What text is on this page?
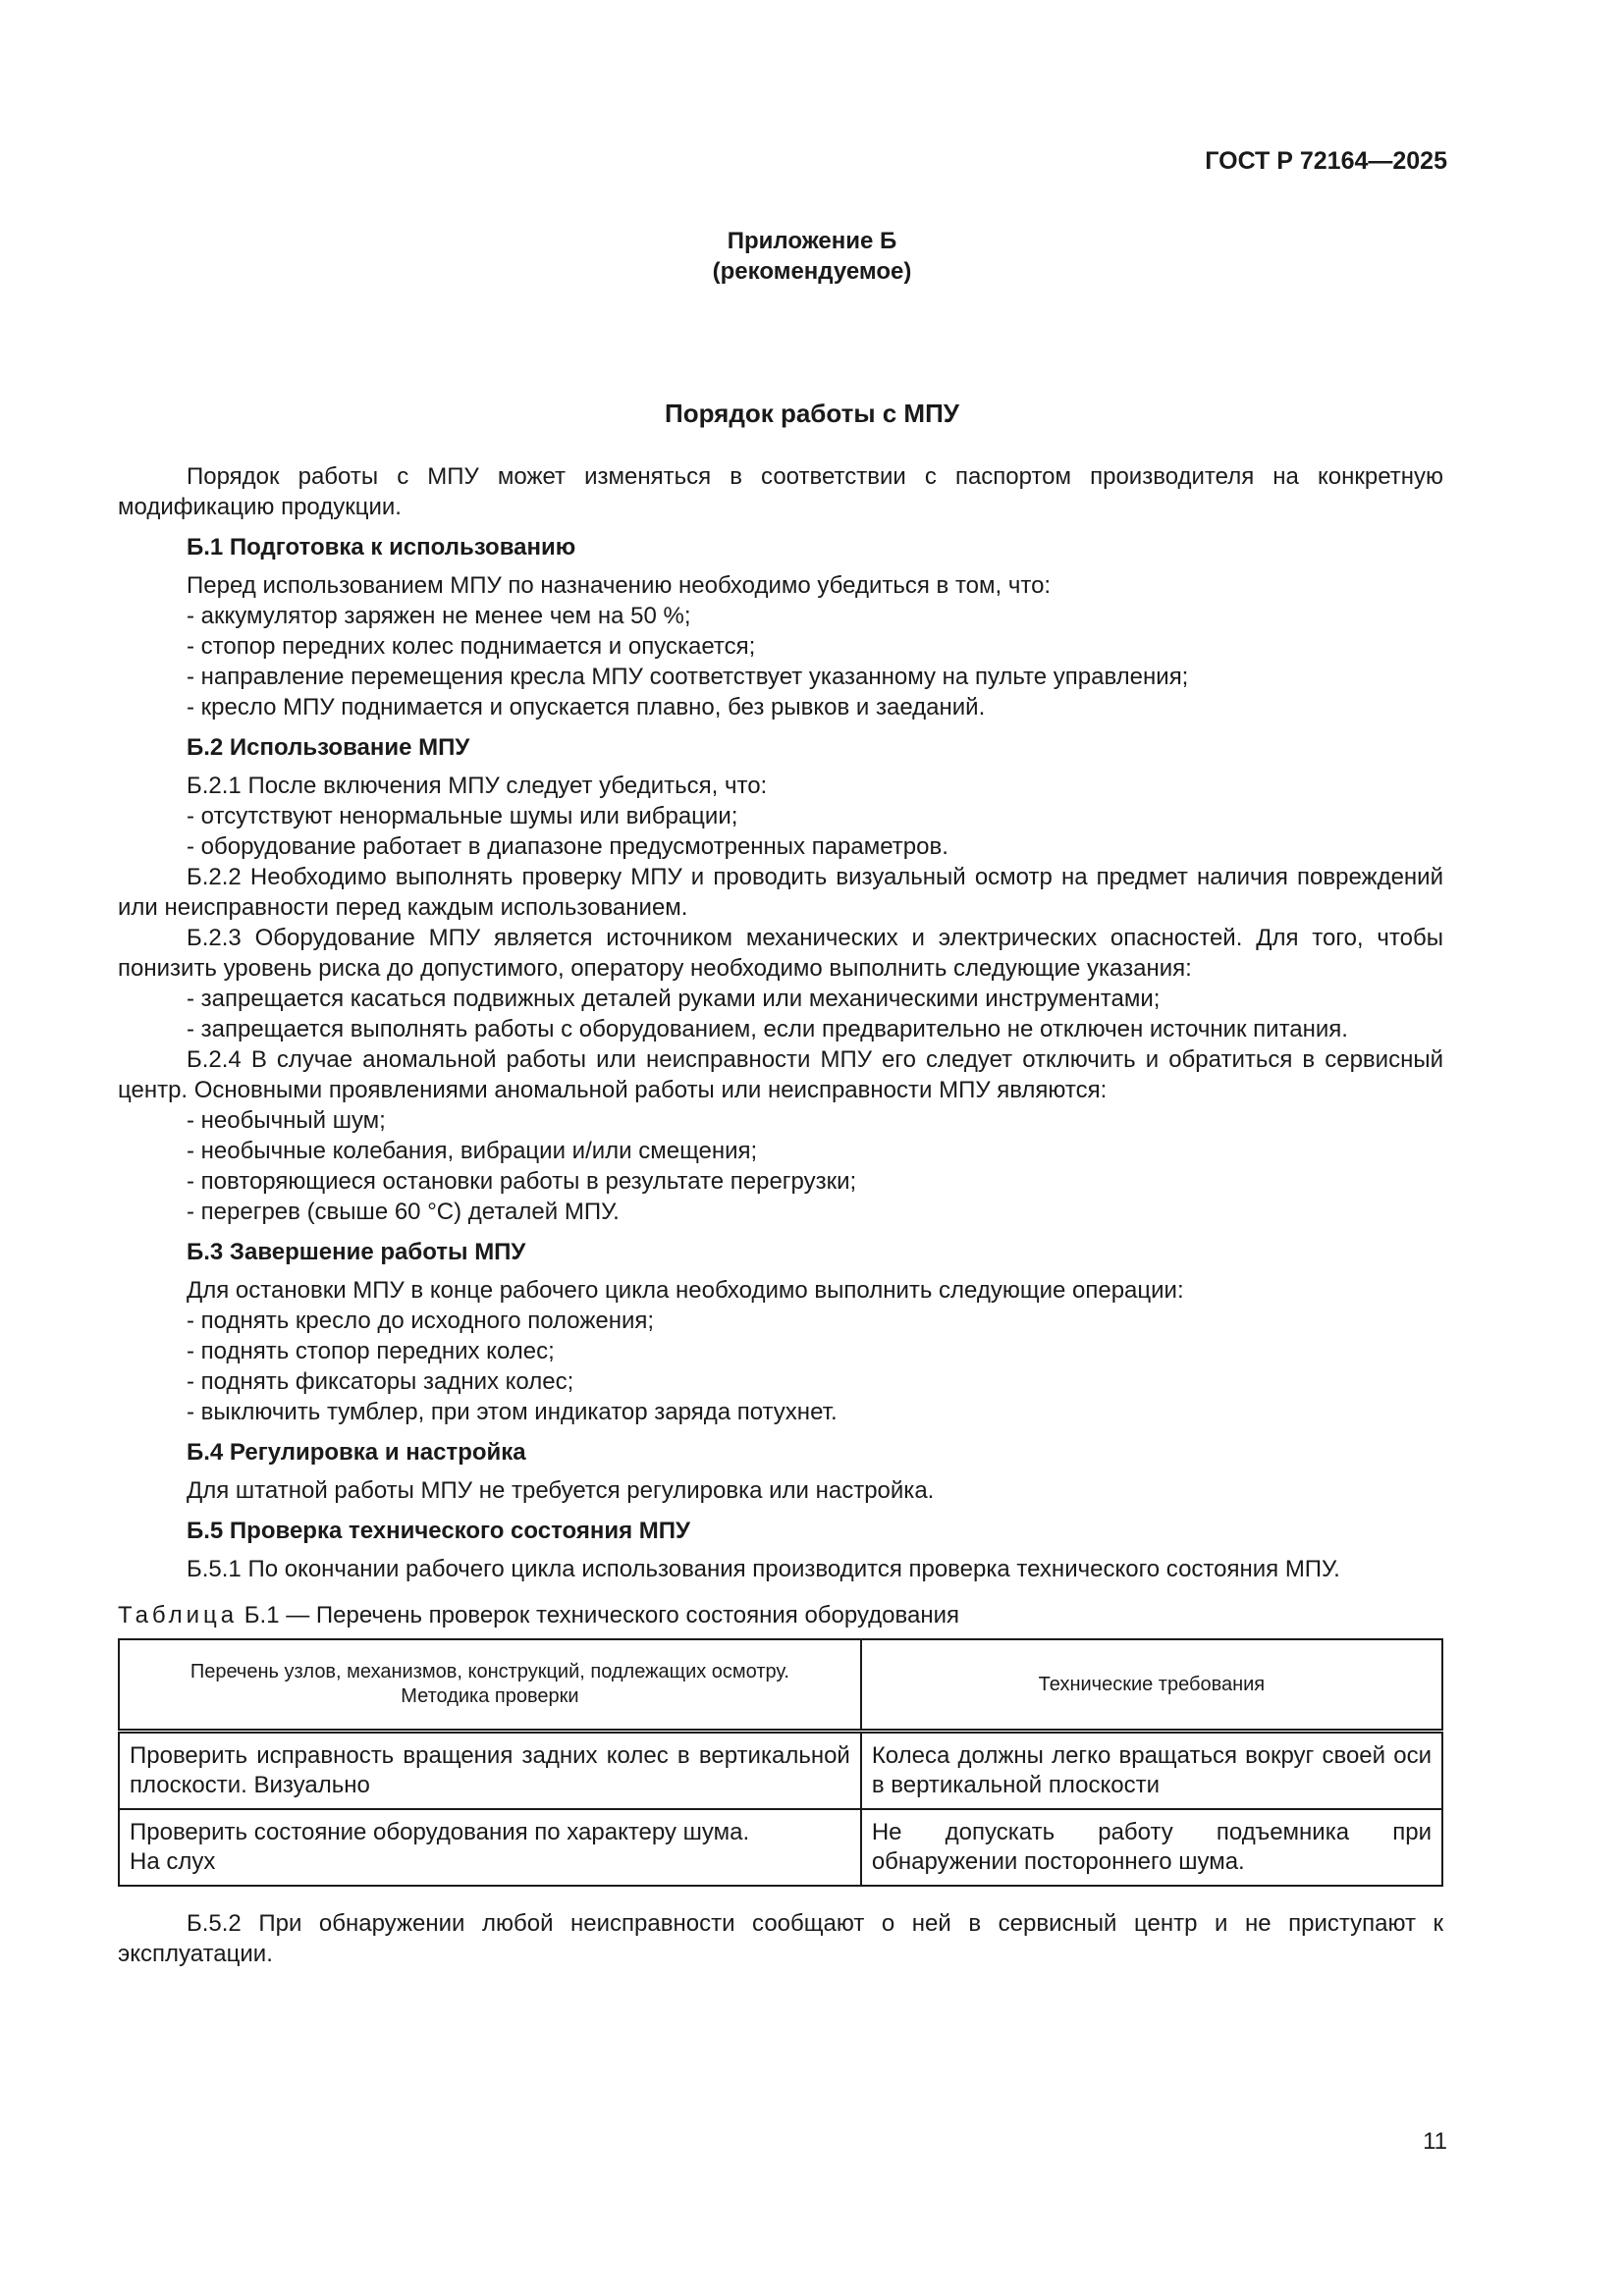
ГОСТ Р 72164—2025
Приложение Б
(рекомендуемое)
Порядок работы с МПУ

Порядок работы с МПУ может изменяться в соответствии с паспортом производителя на конкретную модификацию продукции.

Б.1 Подготовка к использованию

Перед использованием МПУ по назначению необходимо убедиться в том, что:

- аккумулятор заряжен не менее чем на 50 %;
- стопор передних колес поднимается и опускается;
- направление перемещения кресла МПУ соответствует указанному на пульте управления;
- кресло МПУ поднимается и опускается плавно, без рывков и заеданий.
Б.2 Использование МПУ

Б.2.1 После включения МПУ следует убедиться, что:

- отсутствуют ненормальные шумы или вибрации;
- оборудование работает в диапазоне предусмотренных параметров.

Б.2.2 Необходимо выполнять проверку МПУ и проводить визуальный осмотр на предмет наличия повреждений или неисправности перед каждым использованием.

Б.2.3 Оборудование МПУ является источником механических и электрических опасностей. Для того, чтобы понизить уровень риска до допустимого, оператору необходимо выполнить следующие указания:

- запрещается касаться подвижных деталей руками или механическими инструментами;
- запрещается выполнять работы с оборудованием, если предварительно не отключен источник питания.

Б.2.4 В случае аномальной работы или неисправности МПУ его следует отключить и обратиться в сервисный центр. Основными проявлениями аномальной работы или неисправности МПУ являются:

- необычный шум;
- необычные колебания, вибрации и/или смещения;
- повторяющиеся остановки работы в результате перегрузки;
- перегрев (свыше 60 °С) деталей МПУ.
Б.3 Завершение работы МПУ

Для остановки МПУ в конце рабочего цикла необходимо выполнить следующие операции:

- поднять кресло до исходного положения;
- поднять стопор передних колес;
- поднять фиксаторы задних колес;
- выключить тумблер, при этом индикатор заряда потухнет.
Б.4 Регулировка и настройка

Для штатной работы МПУ не требуется регулировка или настройка.

Б.5 Проверка технического состояния МПУ

Б.5.1 По окончании рабочего цикла использования производится проверка технического состояния МПУ.

Таблица Б.1 — Перечень проверок технического состояния оборудования
Перечень узлов, механизмов, конструкций, подлежащих осмотру.
Методика проверки	Технические требования

Проверить исправность вращения задних колес в вертикальной плоскости. Визуально	Колеса должны легко вращаться вокруг своей оси в вертикальной плоскости

Проверить состояние оборудования по характеру шума.
На слух	Не допускать работу подъемника при обнаружении постороннего шума.

Б.5.2 При обнаружении любой неисправности сообщают о ней в сервисный центр и не приступают к эксплуатации.

11
